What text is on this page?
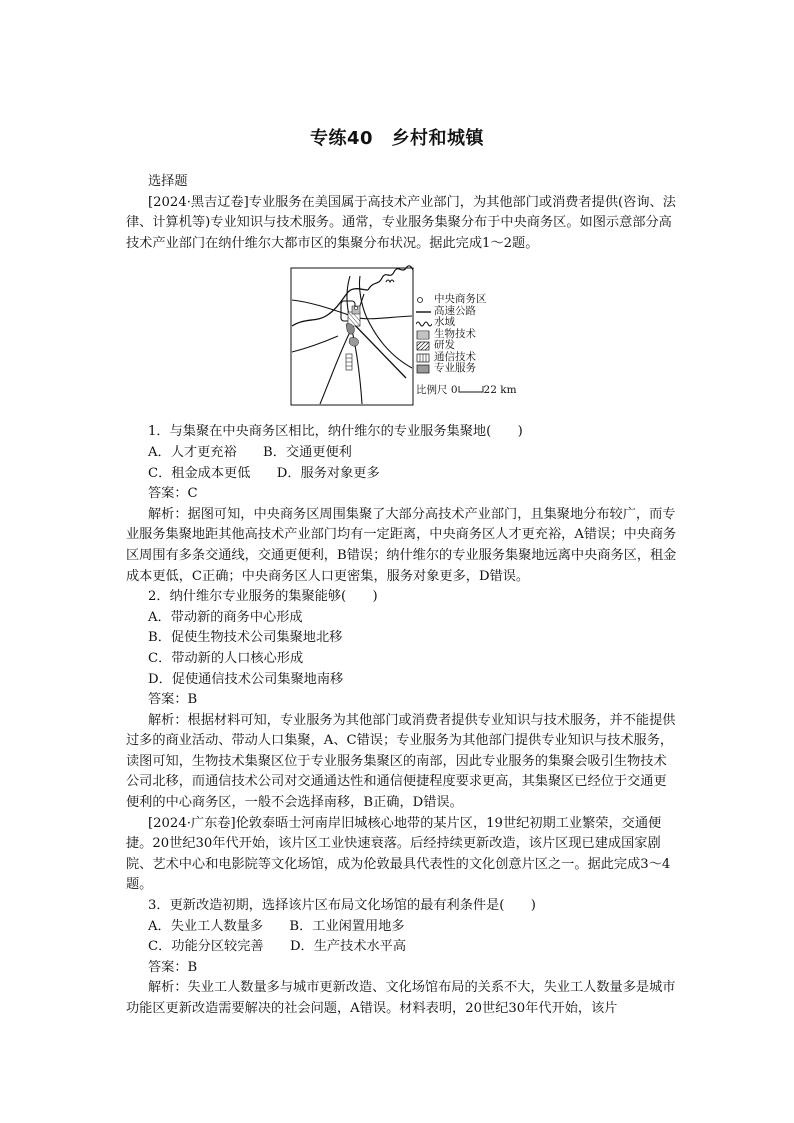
专练40　乡村和城镇

选择题

[2024·黑吉辽卷]专业服务在美国属于高技术产业部门，为其他部门或消费者提供(咨询、法律、计算机等)专业知识与技术服务。通常，专业服务集聚分布于中央商务区。如图示意部分高技术产业部门在纳什维尔大都市区的集聚分布状况。据此完成1～2题。

中央商务区
高速公路
水域
生物技术
研发
通信技术
专业服务
比例尺 0 22 km

1．与集聚在中央商务区相比，纳什维尔的专业服务集聚地(　　)

A．人才更充裕　　B．交通更便利

C．租金成本更低　　D．服务对象更多

答案：C

解析：据图可知，中央商务区周围集聚了大部分高技术产业部门，且集聚地分布较广，而专业服务集聚地距其他高技术产业部门均有一定距离，中央商务区人才更充裕，A错误；中央商务区周围有多条交通线，交通更便利，B错误；纳什维尔的专业服务集聚地远离中央商务区，租金成本更低，C正确；中央商务区人口更密集，服务对象更多，D错误。

2．纳什维尔专业服务的集聚能够(　　)

A．带动新的商务中心形成

B．促使生物技术公司集聚地北移

C．带动新的人口核心形成

D．促使通信技术公司集聚地南移

答案：B

解析：根据材料可知，专业服务为其他部门或消费者提供专业知识与技术服务，并不能提供过多的商业活动、带动人口集聚，A、C错误；专业服务为其他部门提供专业知识与技术服务，读图可知，生物技术集聚区位于专业服务集聚区的南部，因此专业服务的集聚会吸引生物技术公司北移，而通信技术公司对交通通达性和通信便捷程度要求更高，其集聚区已经位于交通更便利的中心商务区，一般不会选择南移，B正确，D错误。

[2024·广东卷]伦敦泰晤士河南岸旧城核心地带的某片区，19世纪初期工业繁荣，交通便捷。20世纪30年代开始，该片区工业快速衰落。后经持续更新改造，该片区现已建成国家剧院、艺术中心和电影院等文化场馆，成为伦敦最具代表性的文化创意片区之一。据此完成3～4题。

3．更新改造初期，选择该片区布局文化场馆的最有利条件是(　　)

A．失业工人数量多　　B．工业闲置用地多

C．功能分区较完善　　D．生产技术水平高

答案：B

解析：失业工人数量多与城市更新改造、文化场馆布局的关系不大，失业工人数量多是城市功能区更新改造需要解决的社会问题，A错误。材料表明，20世纪30年代开始，该片
